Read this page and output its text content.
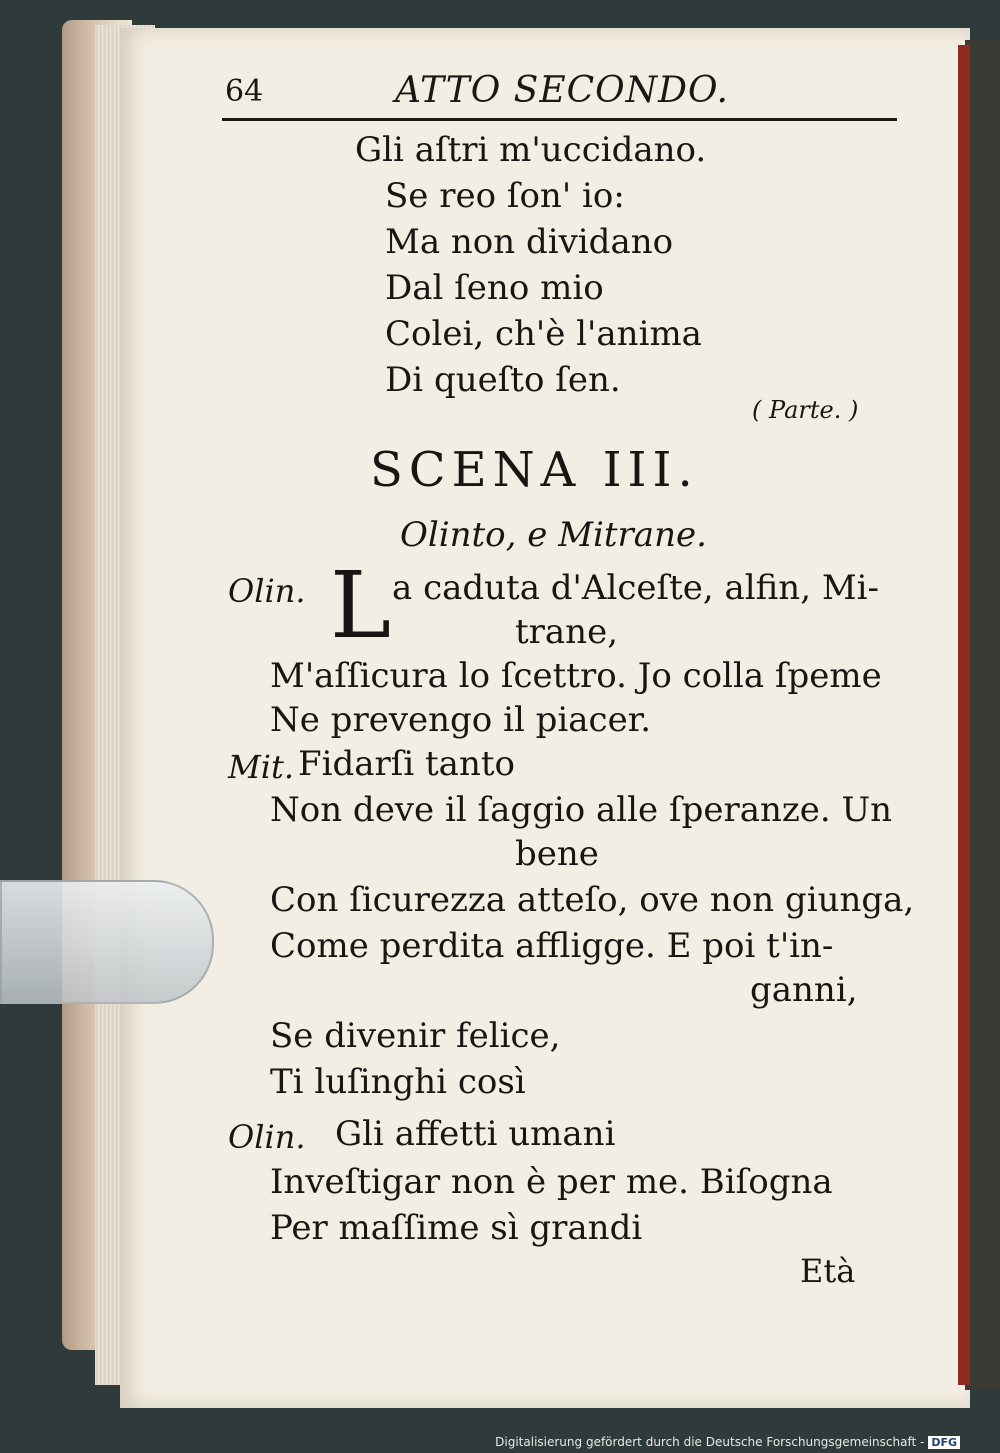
64	ATTO SECONDO.
Gli aſtri m'uccidano.
Se reo ſon' io:
Ma non dividano
Dal ſeno mio
Colei, ch'è l'anima
Di queſto ſen.
( Parte. )
SCENA III.
Olinto, e Mitrane.
Olin. L a caduta d'Alceſte, alfin, Mi-
trane,
M'aſſicura lo ſcettro. Jo colla ſpeme
Ne prevengo il piacer.
Mit. Fidarſi tanto
Non deve il ſaggio alle ſperanze. Un
bene
Con ſicurezza atteſo, ove non giunga,
Come perdita affligge. E poi t'in-
ganni,
Se divenir felice,
Ti luſinghi così
Olin. Gli affetti umani
Inveſtigar non è per me. Biſogna
Per maſſime sì grandi
Età
Digitalisierung gefördert durch die Deutsche Forschungsgemeinschaft - DFG
